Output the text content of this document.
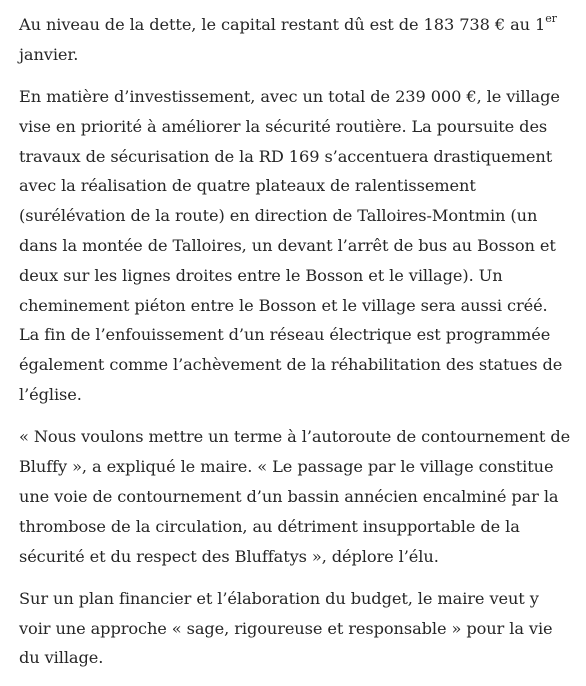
Au niveau de la dette, le capital restant dû est de 183 738 € au 1er
janvier.

En matière d’investissement, avec un total de 239 000 €, le village vise en priorité à améliorer la sécurité routière. La poursuite des travaux de sécurisation de la RD 169 s’accentuera drastiquement avec la réalisation de quatre plateaux de ralentissement (surélévation de la route) en direction de Talloires-Montmin (un dans la montée de Talloires, un devant l’arrêt de bus au Bosson et deux sur les lignes droites entre le Bosson et le village). Un cheminement piéton entre le Bosson et le village sera aussi créé. La fin de l’enfouissement d’un réseau électrique est programmée également comme l’achèvement de la réhabilitation des statues de l’église.

« Nous voulons mettre un terme à l’autoroute de contournement de Bluffy », a expliqué le maire. « Le passage par le village constitue une voie de contournement d’un bassin annécien encalminé par la thrombose de la circulation, au détriment insupportable de la sécurité et du respect des Bluffatys », déplore l’élu.

Sur un plan financier et l’élaboration du budget, le maire veut y voir une approche « sage, rigoureuse et responsable » pour la vie du village.
